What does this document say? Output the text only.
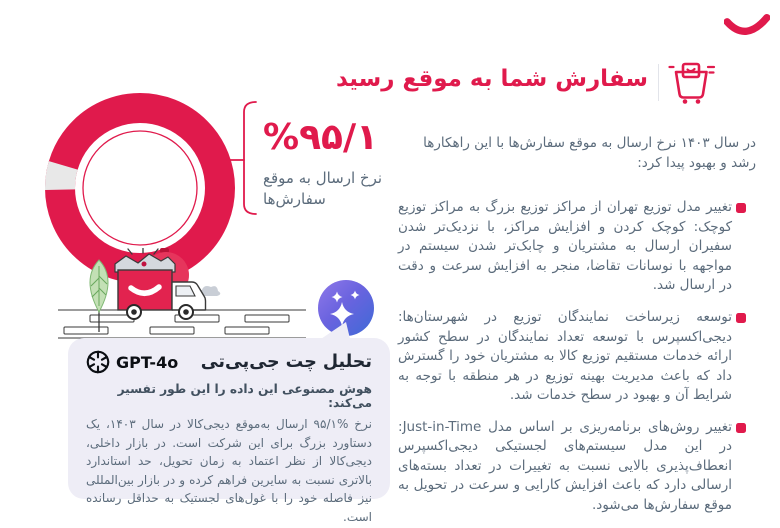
سفارش شما به موقع رسید
%۹۵/۱
نرخ ارسال به موقع
سفارش‌ها
تحلیل چت جی‌پی‌تی
GPT-4o
هوش مصنوعی این داده را این طور تفسیر می‌کند:
نرخ %۹۵/۱ ارسال به‌موقع دیجی‌کالا در سال ۱۴۰۳، یک دستاورد بزرگ برای این شرکت است. در بازار داخلی، دیجی‌کالا از نظر اعتماد به زمان تحویل، حد استاندارد بالاتری نسبت به سایرین فراهم کرده و در بازار بین‌المللی نیز فاصله خود را با غول‌های لجستیک به حداقل رسانده است.

در سال ۱۴۰۳ نرخ ارسال به موقع سفارش‌ها با این راهکارها رشد و بهبود پیدا کرد:

تغییر مدل توزیع تهران از مراکز توزیع بزرگ به مراکز توزیع کوچک: کوچک کردن و افزایش مراکز، با نزدیک‌تر شدن سفیران ارسال به مشتریان و چابک‌تر شدن سیستم در مواجهه با نوسانات تقاضا، منجر به افزایش سرعت و دقت در ارسال شد.
توسعه زیرساخت نمایندگان توزیع در شهرستان‌ها: دیجی‌اکسپرس با توسعه تعداد نمایندگان در سطح کشور ارائه خدمات مستقیم توزیع کالا به مشتریان خود را گسترش داد که باعث مدیریت بهینه توزیع در هر منطقه با توجه به شرایط آن و بهبود در سطح خدمات شد.
تغییر روش‌های برنامه‌ریزی بر اساس مدل Just-in-Time: در این مدل سیستم‌های لجستیکی دیجی‌اکسپرس انعطاف‌پذیری بالایی نسبت به تغییرات در تعداد بسته‌های ارسالی دارد که باعث افزایش کارایی و سرعت در تحویل به موقع سفارش‌ها می‌شود.
